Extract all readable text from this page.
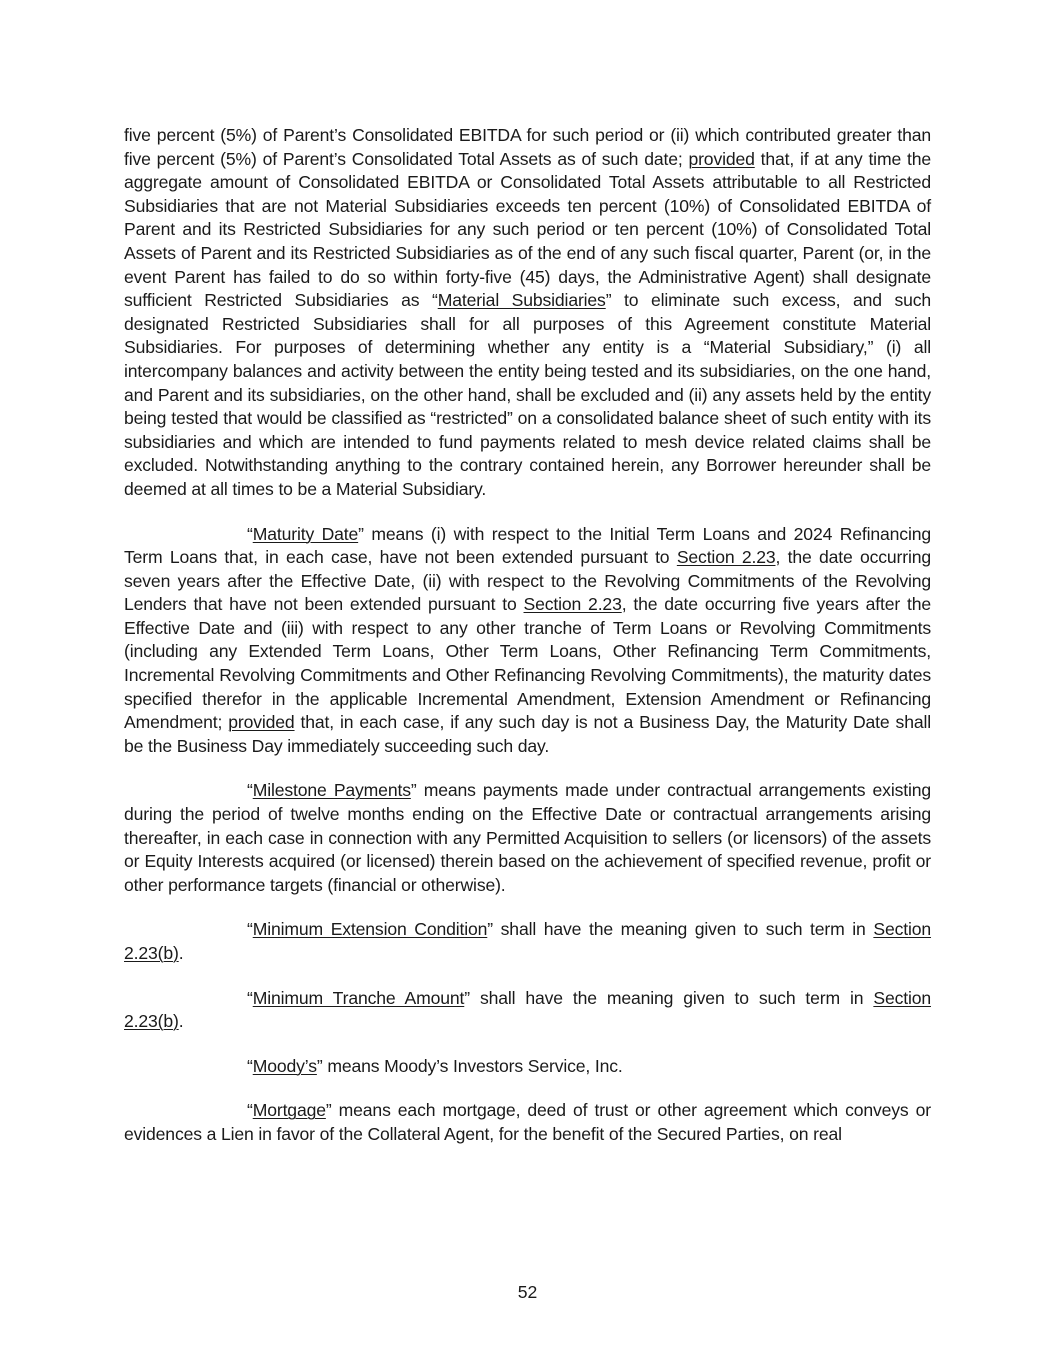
five percent (5%) of Parent’s Consolidated EBITDA for such period or (ii) which contributed greater than five percent (5%) of Parent’s Consolidated Total Assets as of such date; provided that, if at any time the aggregate amount of Consolidated EBITDA or Consolidated Total Assets attributable to all Restricted Subsidiaries that are not Material Subsidiaries exceeds ten percent (10%) of Consolidated EBITDA of Parent and its Restricted Subsidiaries for any such period or ten percent (10%) of Consolidated Total Assets of Parent and its Restricted Subsidiaries as of the end of any such fiscal quarter, Parent (or, in the event Parent has failed to do so within forty-five (45) days, the Administrative Agent) shall designate sufficient Restricted Subsidiaries as “Material Subsidiaries” to eliminate such excess, and such designated Restricted Subsidiaries shall for all purposes of this Agreement constitute Material Subsidiaries. For purposes of determining whether any entity is a “Material Subsidiary,” (i) all intercompany balances and activity between the entity being tested and its subsidiaries, on the one hand, and Parent and its subsidiaries, on the other hand, shall be excluded and (ii) any assets held by the entity being tested that would be classified as “restricted” on a consolidated balance sheet of such entity with its subsidiaries and which are intended to fund payments related to mesh device related claims shall be excluded. Notwithstanding anything to the contrary contained herein, any Borrower hereunder shall be deemed at all times to be a Material Subsidiary.

“Maturity Date” means (i) with respect to the Initial Term Loans and 2024 Refinancing Term Loans that, in each case, have not been extended pursuant to Section 2.23, the date occurring seven years after the Effective Date, (ii) with respect to the Revolving Commitments of the Revolving Lenders that have not been extended pursuant to Section 2.23, the date occurring five years after the Effective Date and (iii) with respect to any other tranche of Term Loans or Revolving Commitments (including any Extended Term Loans, Other Term Loans, Other Refinancing Term Commitments, Incremental Revolving Commitments and Other Refinancing Revolving Commitments), the maturity dates specified therefor in the applicable Incremental Amendment, Extension Amendment or Refinancing Amendment; provided that, in each case, if any such day is not a Business Day, the Maturity Date shall be the Business Day immediately succeeding such day.

“Milestone Payments” means payments made under contractual arrangements existing during the period of twelve months ending on the Effective Date or contractual arrangements arising thereafter, in each case in connection with any Permitted Acquisition to sellers (or licensors) of the assets or Equity Interests acquired (or licensed) therein based on the achievement of specified revenue, profit or other performance targets (financial or otherwise).

“Minimum Extension Condition” shall have the meaning given to such term in Section 2.23(b).

“Minimum Tranche Amount” shall have the meaning given to such term in Section 2.23(b).

“Moody’s” means Moody’s Investors Service, Inc.

“Mortgage” means each mortgage, deed of trust or other agreement which conveys or evidences a Lien in favor of the Collateral Agent, for the benefit of the Secured Parties, on real

52
